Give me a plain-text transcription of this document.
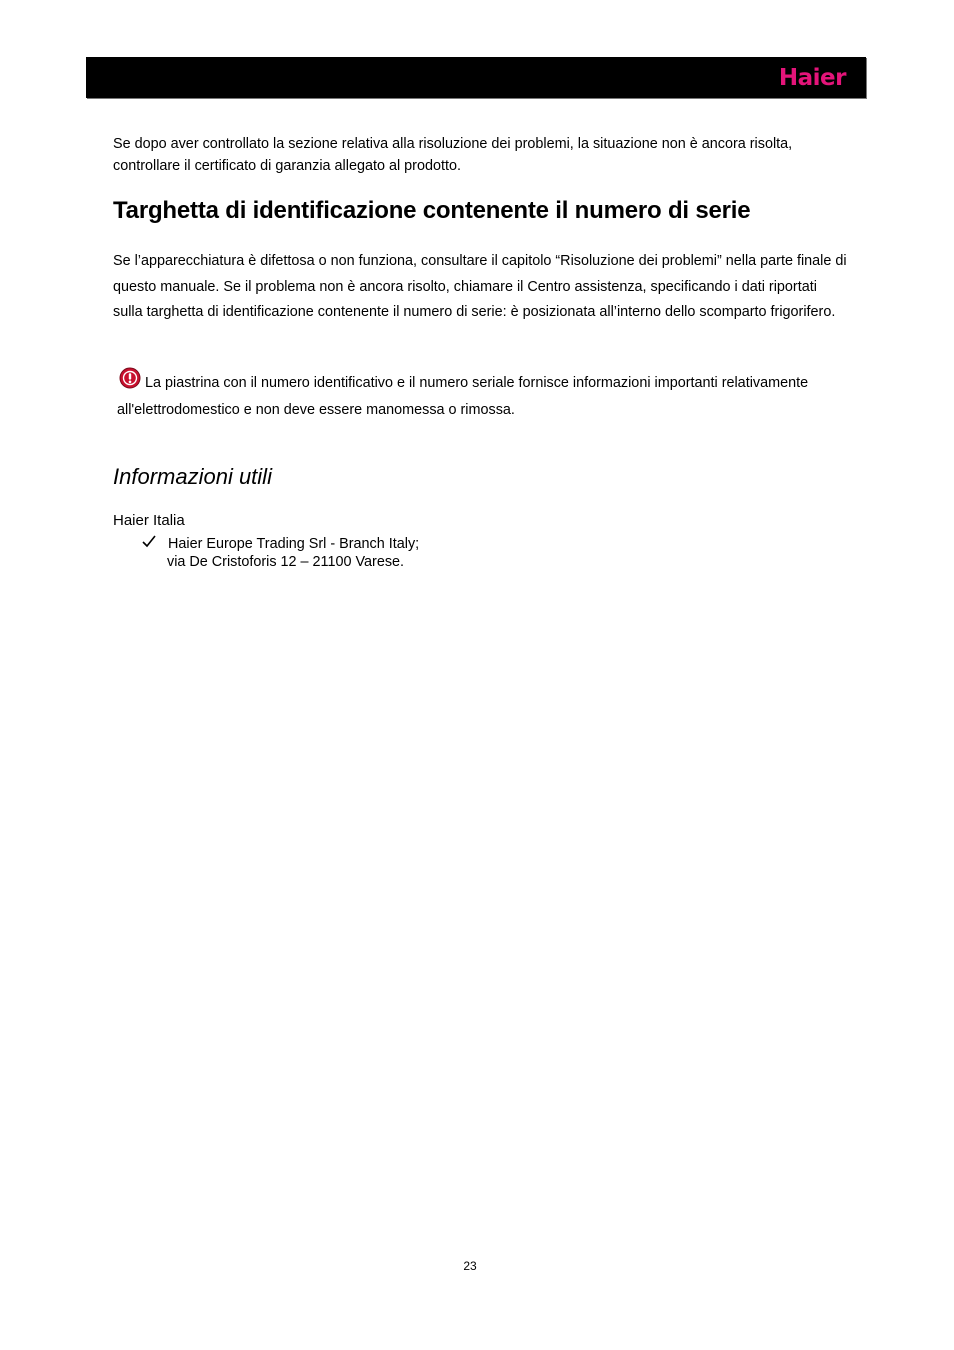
Haier

Se dopo aver controllato la sezione relativa alla risoluzione dei problemi, la situazione non è ancora risolta, controllare il certificato di garanzia allegato al prodotto.

Targhetta di identificazione contenente il numero di serie

Se l’apparecchiatura è difettosa o non funziona, consultare il capitolo “Risoluzione dei problemi” nella parte finale di questo manuale. Se il problema non è ancora risolto, chiamare il Centro assistenza, specificando i dati riportati sulla targhetta di identificazione contenente il numero di serie: è posizionata all’interno dello scomparto frigorifero.

La piastrina con il numero identificativo e il numero seriale fornisce informazioni importanti relativamente all'elettrodomestico e non deve essere manomessa o rimossa.
Informazioni utili
Haier Italia
Haier Europe Trading Srl - Branch Italy;
via De Cristoforis 12 – 21100 Varese.
23
